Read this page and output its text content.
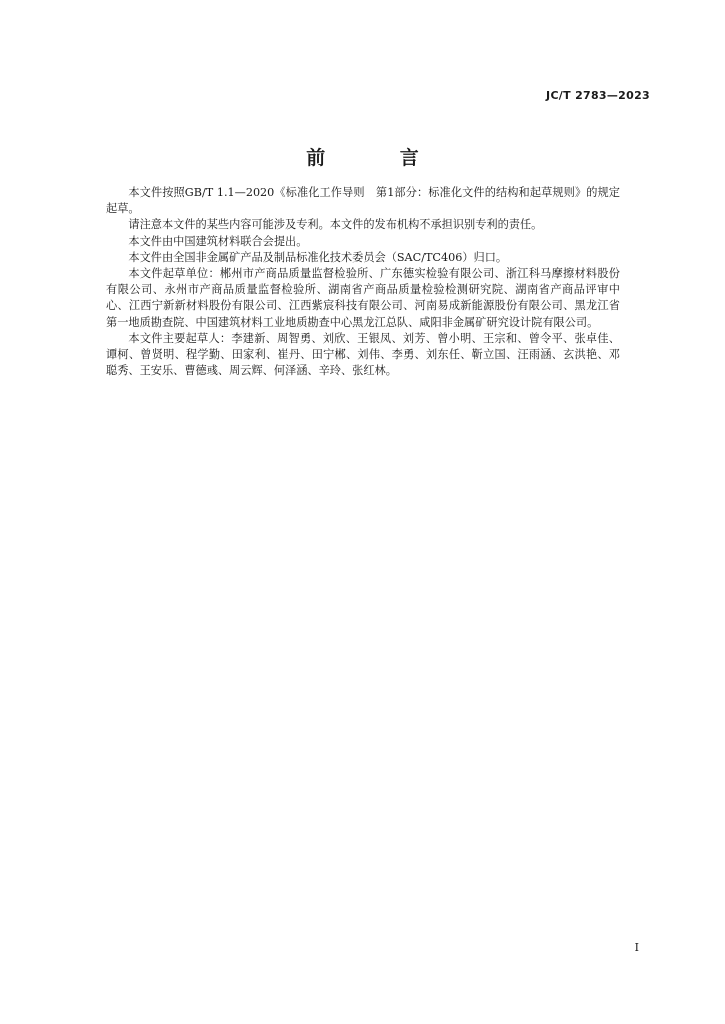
JC/T 2783—2023
前 言

本文件按照GB/T 1.1—2020《标准化工作导则　第1部分：标准化文件的结构和起草规则》的规定起草。

请注意本文件的某些内容可能涉及专利。本文件的发布机构不承担识别专利的责任。

本文件由中国建筑材料联合会提出。

本文件由全国非金属矿产品及制品标准化技术委员会（SAC/TC406）归口。

本文件起草单位：郴州市产商品质量监督检验所、广东德实检验有限公司、浙江科马摩擦材料股份有限公司、永州市产商品质量监督检验所、湖南省产商品质量检验检测研究院、湖南省产商品评审中心、江西宁新新材料股份有限公司、江西紫宸科技有限公司、河南易成新能源股份有限公司、黑龙江省第一地质勘查院、中国建筑材料工业地质勘查中心黑龙江总队、咸阳非金属矿研究设计院有限公司。

本文件主要起草人：李建新、周智勇、刘欣、王银凤、刘芳、曾小明、王宗和、曾令平、张卓佳、谭柯、曾贤明、程学勤、田家利、崔丹、田宁郴、刘伟、李勇、刘东任、靳立国、汪雨涵、玄洪艳、邓聪秀、王安乐、曹德彧、周云辉、何泽涵、辛玲、张红林。

I
